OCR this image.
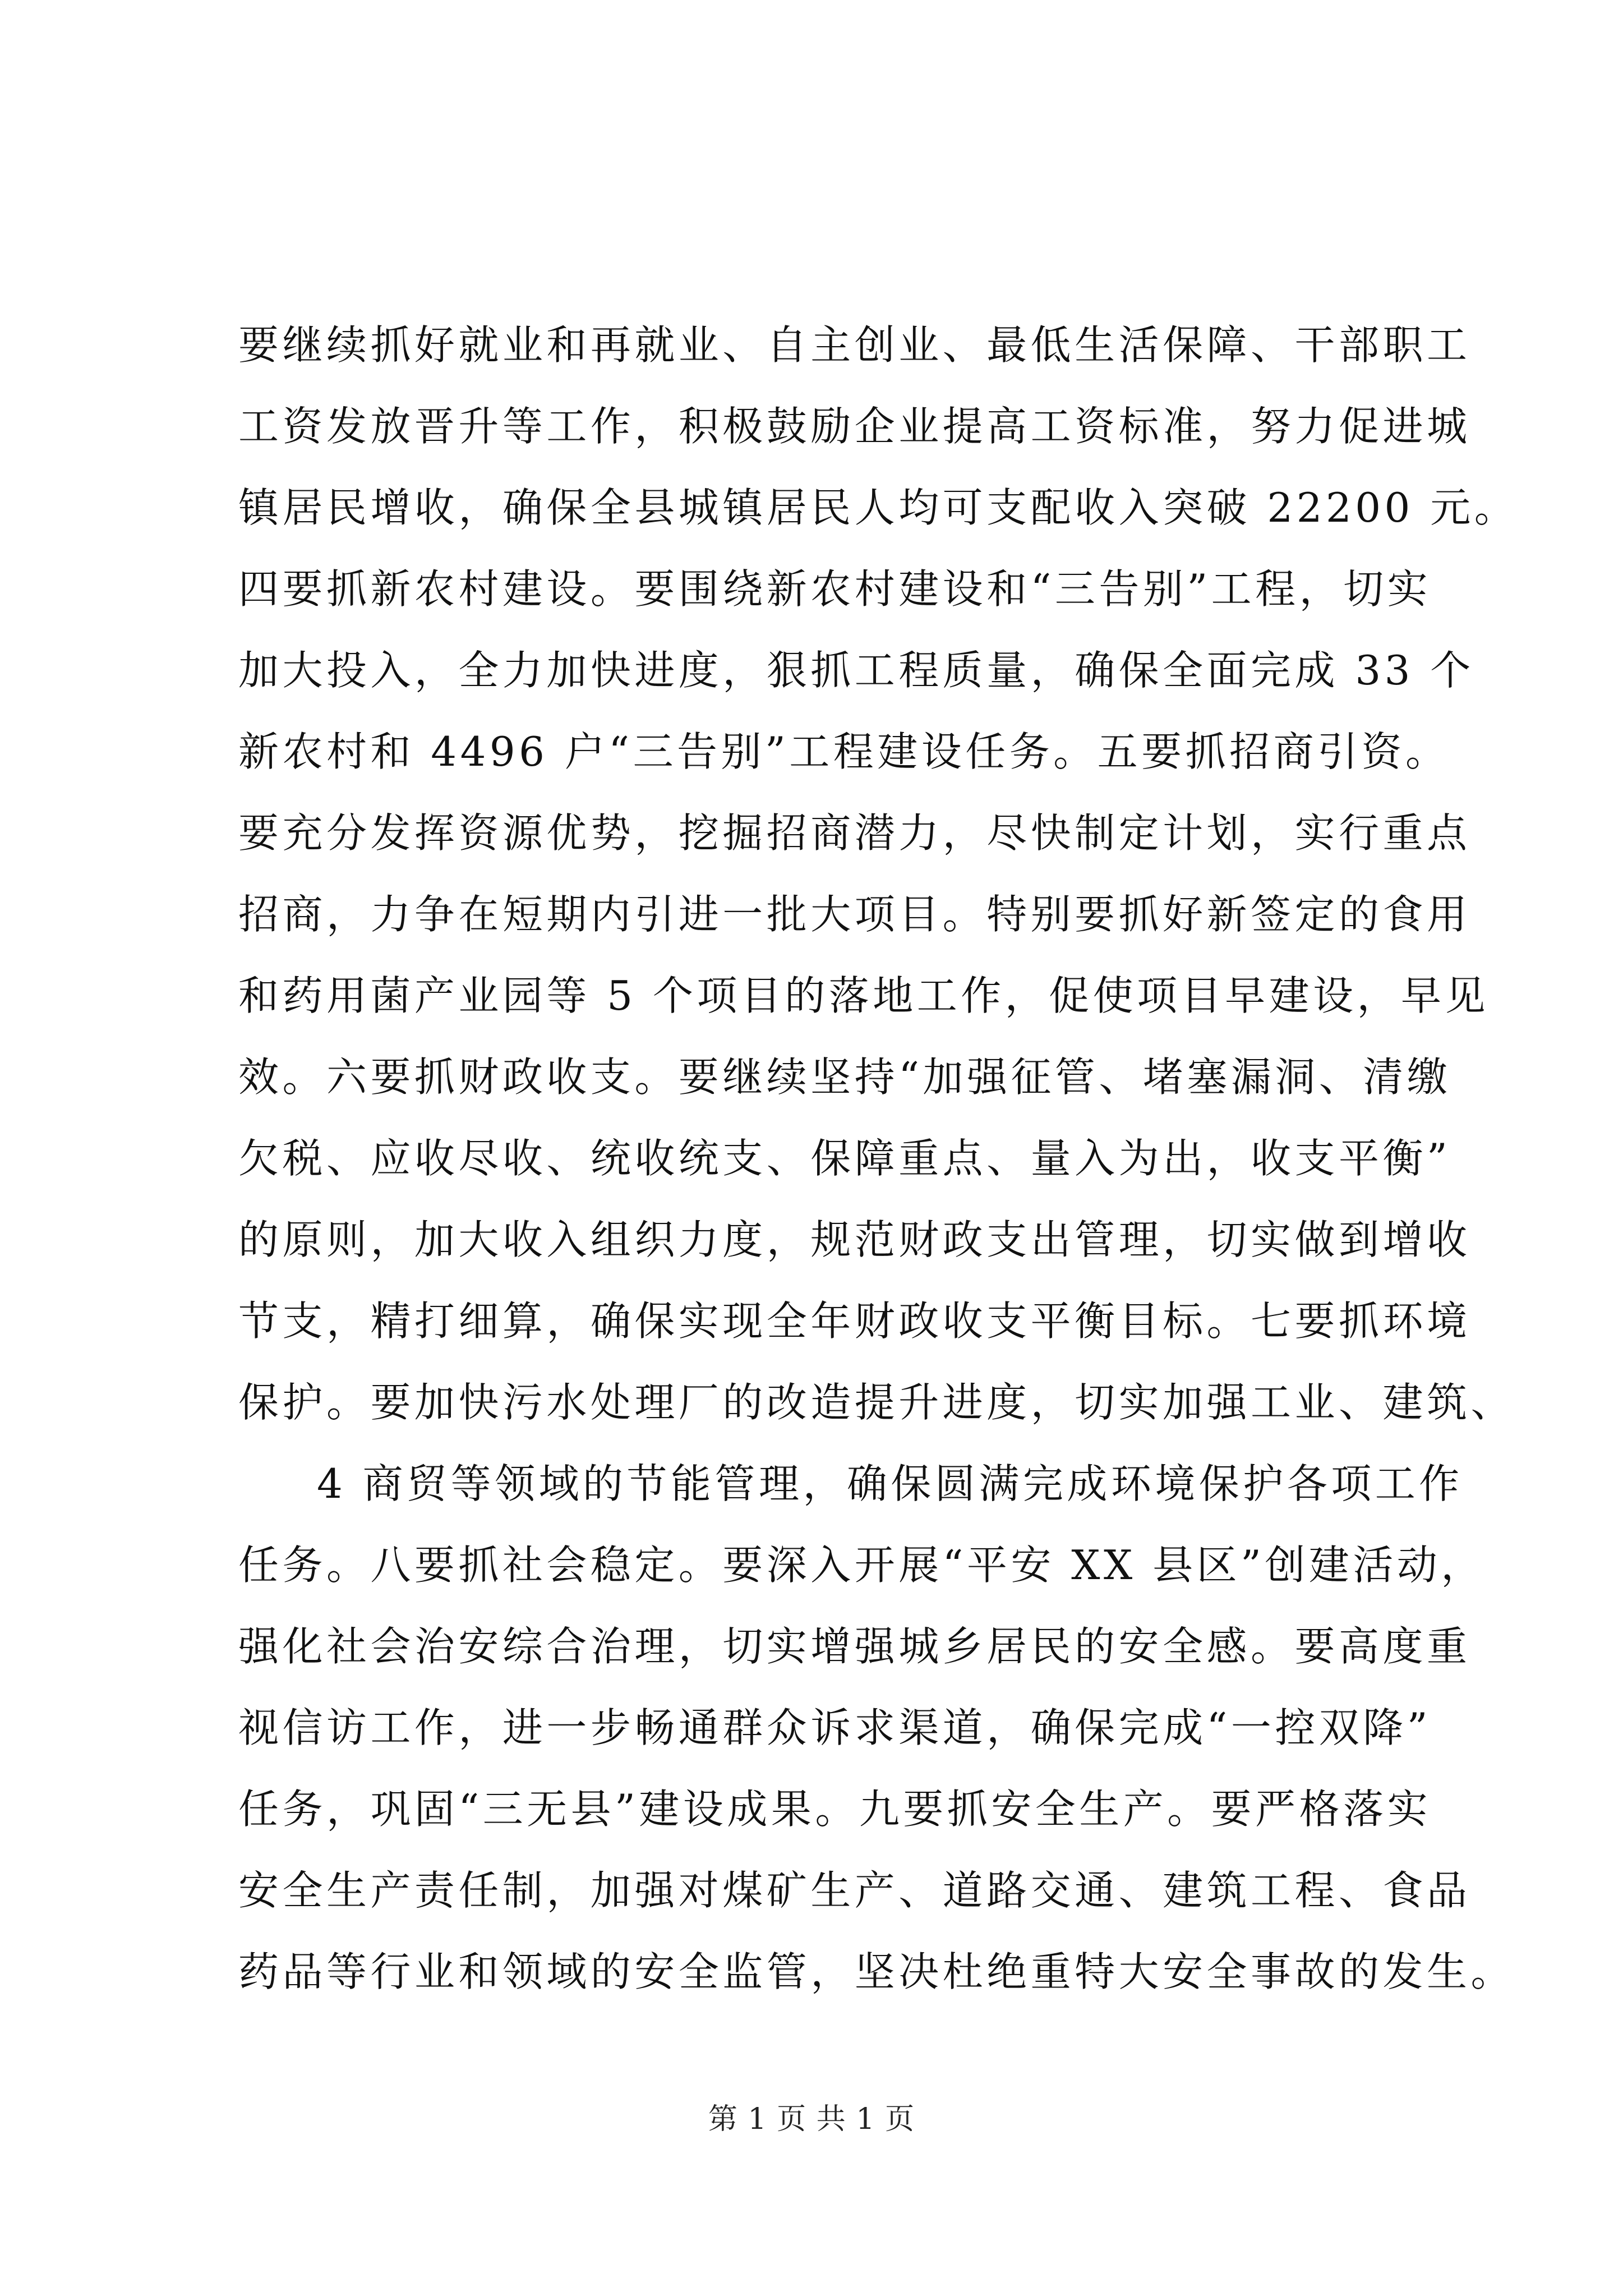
要继续抓好就业和再就业、自主创业、最低生活保障、干部职工
工资发放晋升等工作，积极鼓励企业提高工资标准，努力促进城
镇居民增收，确保全县城镇居民人均可支配收入突破 22200 元。
四要抓新农村建设。要围绕新农村建设和“三告别”工程，切实
加大投入，全力加快进度，狠抓工程质量，确保全面完成 33 个
新农村和 4496 户“三告别”工程建设任务。五要抓招商引资。
要充分发挥资源优势，挖掘招商潜力，尽快制定计划，实行重点
招商，力争在短期内引进一批大项目。特别要抓好新签定的食用
和药用菌产业园等 5 个项目的落地工作，促使项目早建设，早见
效。六要抓财政收支。要继续坚持“加强征管、堵塞漏洞、清缴
欠税、应收尽收、统收统支、保障重点、量入为出，收支平衡”
的原则，加大收入组织力度，规范财政支出管理，切实做到增收
节支，精打细算，确保实现全年财政收支平衡目标。七要抓环境
保护。要加快污水处理厂的改造提升进度，切实加强工业、建筑、
4 商贸等领域的节能管理，确保圆满完成环境保护各项工作
任务。八要抓社会稳定。要深入开展“平安 XX 县区”创建活动，
强化社会治安综合治理，切实增强城乡居民的安全感。要高度重
视信访工作，进一步畅通群众诉求渠道，确保完成“一控双降”
任务，巩固“三无县”建设成果。九要抓安全生产。要严格落实
安全生产责任制，加强对煤矿生产、道路交通、建筑工程、食品
药品等行业和领域的安全监管，坚决杜绝重特大安全事故的发生。
第 1 页 共 1 页
